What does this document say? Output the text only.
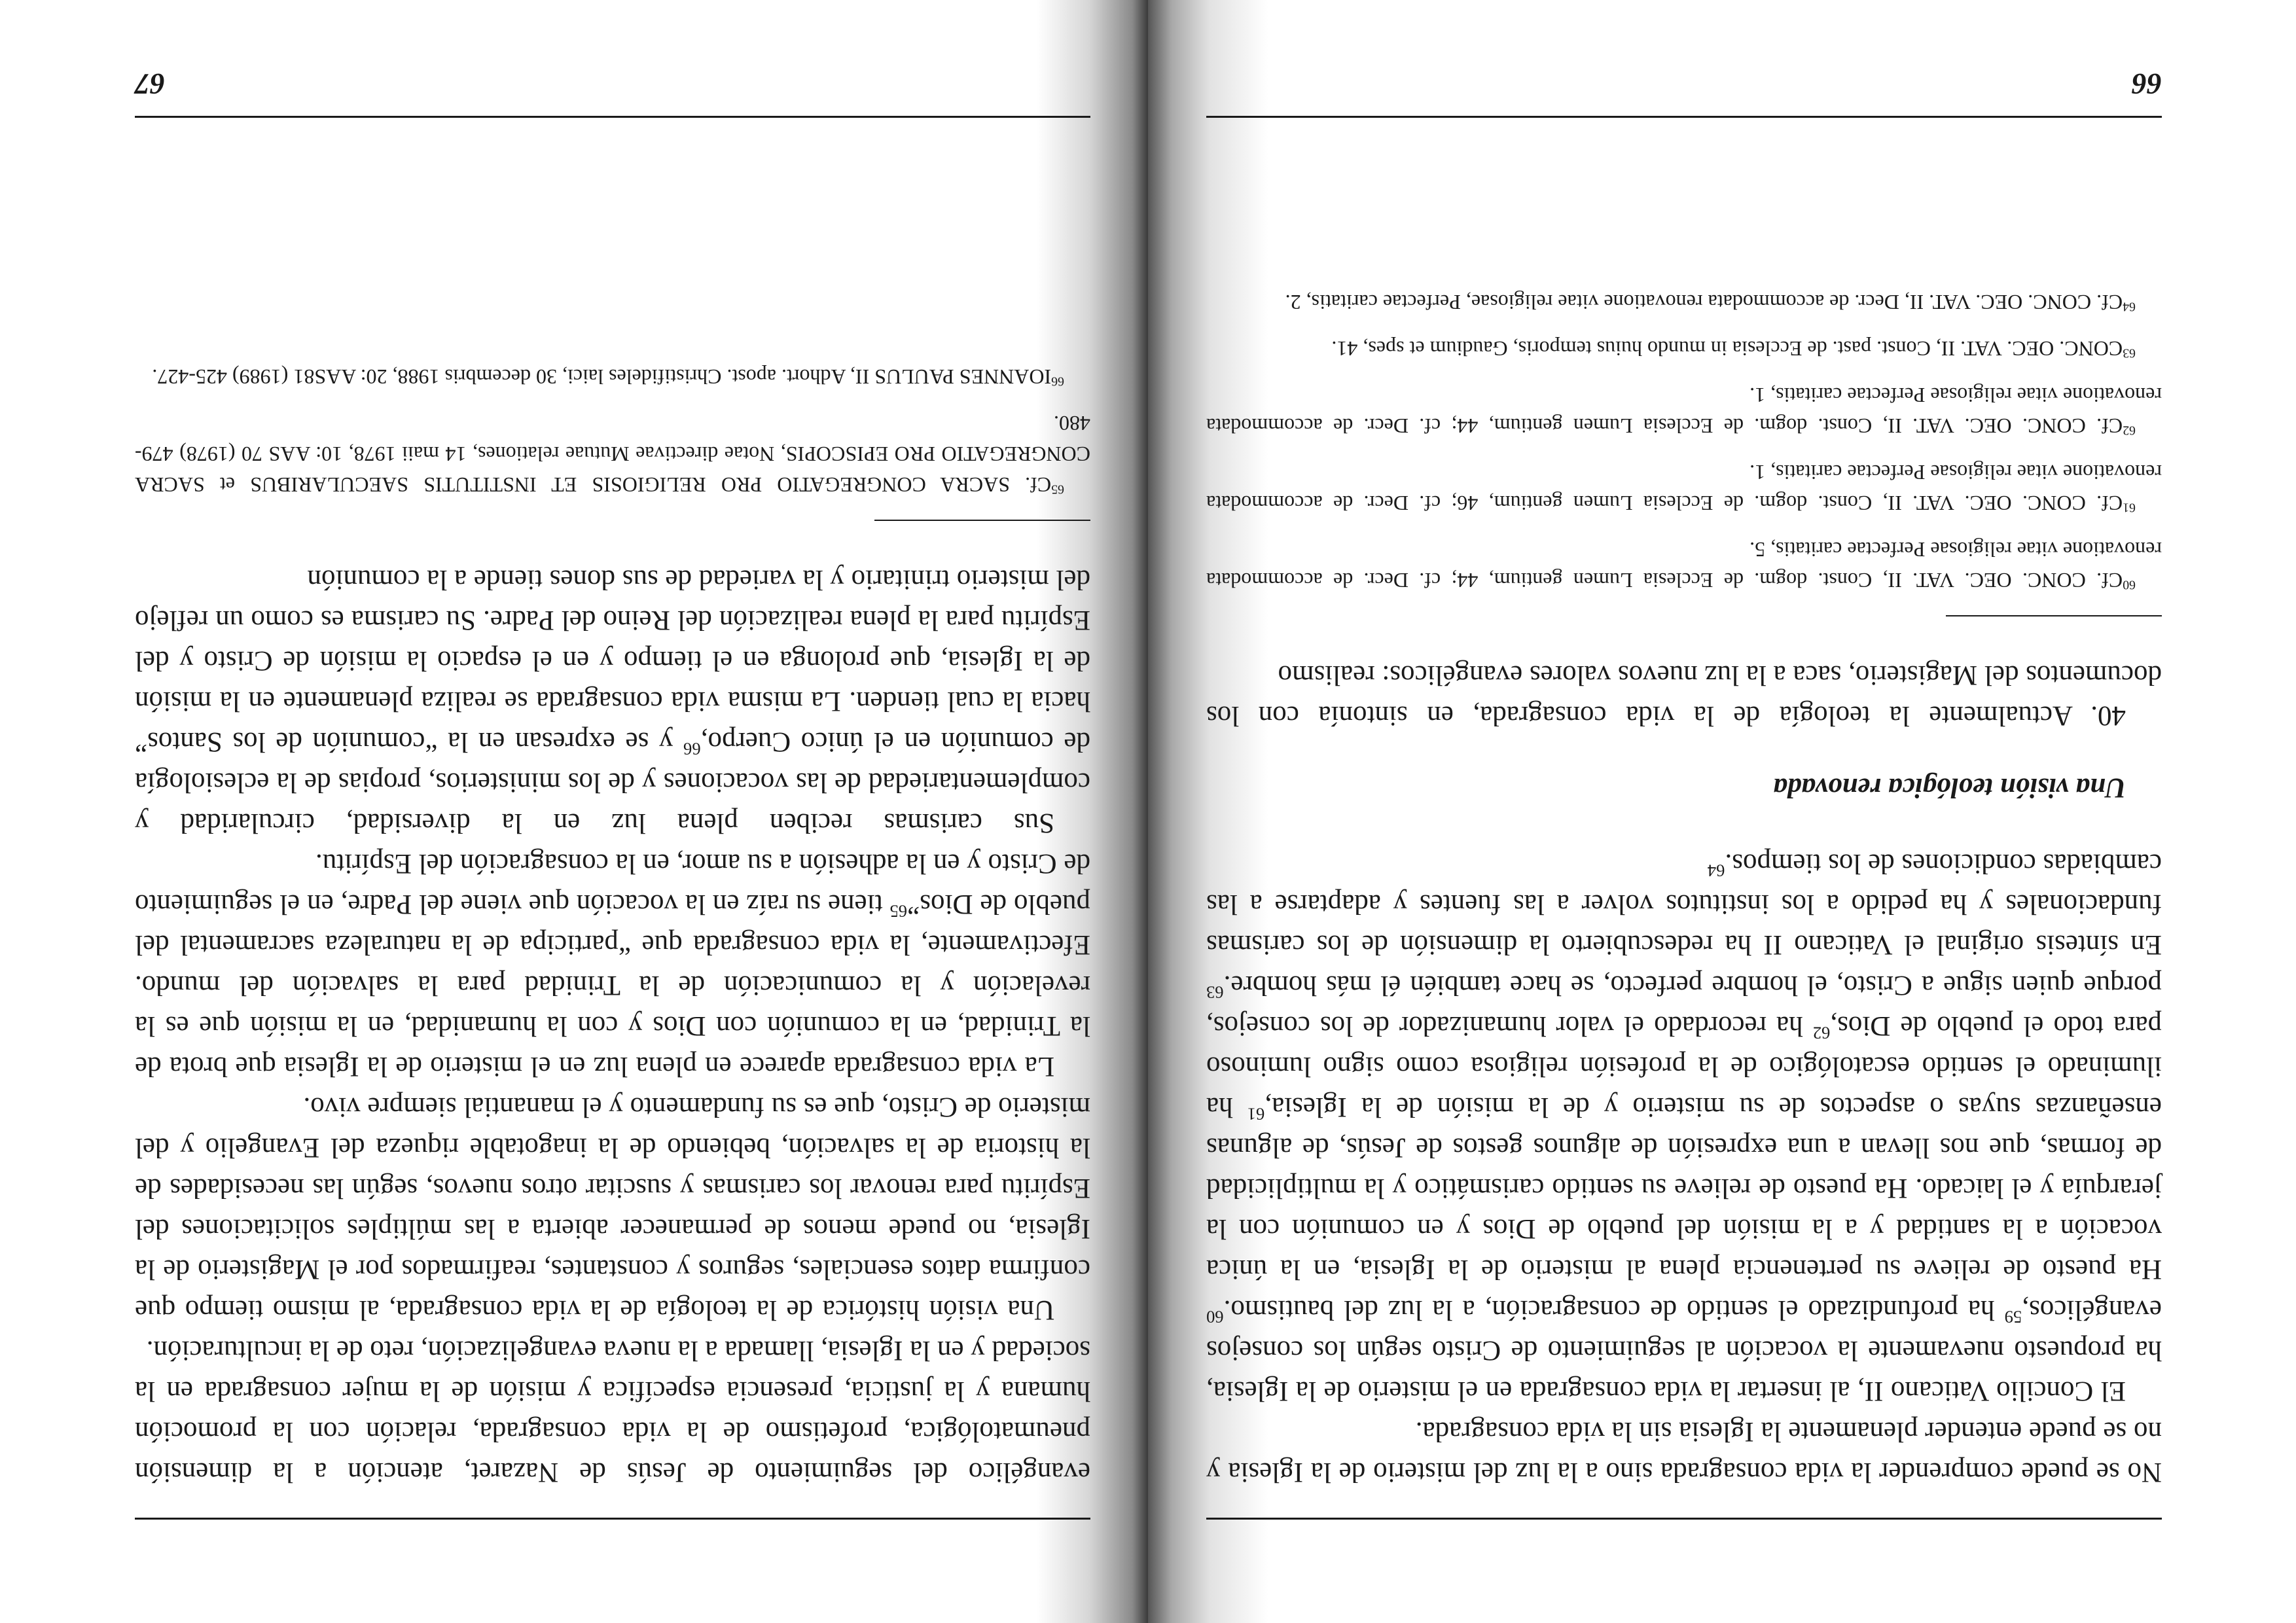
No se puede comprender la vida consagrada sino a la luz del misterio de la Iglesia y no se puede entender plenamente la Iglesia sin la vida consagrada.

El Concilio Vaticano II, al insertar la vida consagrada en el misterio de la Iglesia, ha propuesto nuevamente la vocación al seguimiento de Cristo según los consejos evangélicos,$^{59}$ ha profundizado el sentido de consagración, a la luz del bautismo.$^{60}$ Ha puesto de relieve su pertenencia plena al misterio de la Iglesia, en la única vocación a la santidad y a la misión del pueblo de Dios y en comunión con la jerarquía y el laicado. Ha puesto de relieve su sentido carismático y la multiplicidad de formas, que nos llevan a una expresión de algunos gestos de Jesús, de algunas enseñanzas suyas o aspectos de su misterio y de la misión de la Iglesia,$^{61}$ ha iluminado el sentido escatológico de la profesión religiosa como signo luminoso para todo el pueblo de Dios,$^{62}$ ha recordado el valor humanizador de los consejos, porque quien sigue a Cristo, el hombre perfecto, se hace también él más hombre.$^{63}$ En síntesis original el Vaticano II ha redescubierto la dimensión de los carismas fundacionales y ha pedido a los institutos volver a las fuentes y adaptarse a las cambiadas condiciones de los tiempos.$^{64}$

Una visión teológica renovada

40. Actualmente la teología de la vida consagrada, en sintonía con los documentos del Magisterio, saca a la luz nuevos valores evangélicos: realismo

$^{60}$Cf. CONC. OEC. VAT. II, Const. dogm. de Ecclesia Lumen gentium, 44; cf. Decr. de accommodata renovatione vitae religiosae Perfectae caritatis, 5.

$^{61}$Cf. CONC. OEC. VAT. II, Const. dogm. de Ecclesia Lumen gentium, 46; cf. Decr. de accommodata renovatione vitae religiosae Perfectae caritatis, 1.

$^{62}$Cf. CONC. OEC. VAT. II, Const. dogm. de Ecclesia Lumen gentium, 44; cf. Decr. de accommodata renovatione vitae religiosae Perfectae caritatis, 1.

$^{63}$CONC. OEC. VAT. II, Const. past. de Ecclesia in mundo huius temporis, Gaudium et spes, 41.

$^{64}$Cf. CONC. OEC. VAT. II, Decr. de accommodata renovatione vitae religiosae, Perfectae caritatis, 2.

66

evangélico del seguimiento de Jesús de Nazaret, atención a la dimensión pneumatológica, profetismo de la vida consagrada, relación con la promoción humana y la justicia, presencia específica y misión de la mujer consagrada en la sociedad y en la Iglesia, llamada a la nueva evangelización, reto de la inculturación.

Una visión histórica de la teología de la vida consagrada, al mismo tiempo que confirma datos esenciales, seguros y constantes, reafirmados por el Magisterio de la Iglesia, no puede menos de permanecer abierta a las múltiples solicitaciones del Espíritu para renovar los carismas y suscitar otros nuevos, según las necesidades de la historia de la salvación, bebiendo de la inagotable riqueza del Evangelio y del misterio de Cristo, que es su fundamento y el manantial siempre vivo.

La vida consagrada aparece en plena luz en el misterio de la Iglesia que brota de la Trinidad, en la comunión con Dios y con la humanidad, en la misión que es la revelación y la comunicación de la Trinidad para la salvación del mundo. Efectivamente, la vida consagrada que “participa de la naturaleza sacramental del pueblo de Dios”$^{65}$ tiene su raíz en la vocación que viene del Padre, en el seguimiento de Cristo y en la adhesión a su amor, en la consagración del Espíritu.

Sus carismas reciben plena luz en la diversidad, circularidad y complementariedad de las vocaciones y de los ministerios, propias de la eclesiología de comunión en el único Cuerpo,$^{66}$ y se expresan en la “comunión de los Santos” hacia la cual tienden. La misma vida consagrada se realiza plenamente en la misión de la Iglesia, que prolonga en el tiempo y en el espacio la misión de Cristo y del Espíritu para la plena realización del Reino del Padre. Su carisma es como un reflejo del misterio trinitario y la variedad de sus dones tiende a la comunión

$^{65}$Cf. SACRA CONGREGATIO PRO RELIGIOSIS ET INSTITUTIS SAECULARIBUS et SACRA CONGREGATIO PRO EPISCOPIS, Notae directivae Mutuae relationes, 14 maii 1978, 10: AAS 70 (1978) 479-480.

$^{66}$IOANNES PAULUS II, Adhort. apost. Christifideles laici, 30 decembris 1988, 20: AAS81 (1989) 425-427.

67
